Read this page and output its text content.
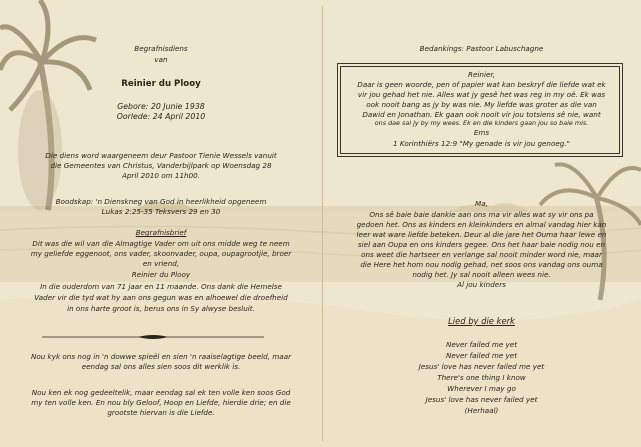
Begrafnisdiens
van
Reinier du Plooy
Gebore: 20 Junie 1938
Oorlede: 24 April 2010
Die diens word waargeneem deur Pastoor Tienie Wessels vanuit
die Gemeentes van Christus, Vanderbijlpark op Woensdag 28
April 2010 om 11h00.
Boodskap: 'n Dienskneg van God in heerlikheid opgeneem
Lukas 2:25-35 Teksvers 29 en 30
Begrafnisbrief
Dit was die wil van die Almagtige Vader om uit ons midde weg te neem
my geliefde eggenoot, ons vader, skoonvader, oupa, oupagrootjie, broer
en vriend,
Reinier du Plooy
In die ouderdom van 71 jaar en 11 maande. Ons dank die Hemelse
Vader vir die tyd wat hy aan ons gegun was en alhoewel die droefheid
in ons harte groot is, berus ons in Sy alwyse besluit.
Nou kyk ons nog in 'n dowwe spieël en sien 'n raaiselagtige beeld, maar
eendag sal ons alles sien soos dit werklik is.
Nou ken ek nog gedeeltelik, maar eendag sal ek ten volle ken soos God
my ten volle ken. En nou bly Geloof, Hoop en Liefde, hierdie drie; en die
grootste hiervan is die Liefde.
Bedankings: Pastoor Labuschagne
Reinier,
Daar is geen woorde, pen of papier wat kan beskryf die liefde wat ek
vir jou gehad het nie. Alles wat jy gesê het was reg in my oë. Ek was
ook nooit bang as jy by was nie. My liefde was groter as die van
Dawid en Jonathan. Ek gaan ook nooit vir jou totsiens sê nie, want
ons dae sal jy by my wees. Ek en die kinders gaan jou so baie mis.
Ems
1 Korinthiërs 12:9 "My genade is vir jou genoeg."
Ma,
Ons sê baie baie dankie aan ons ma vir alles wat sy vir ons pa
gedoen het. Ons as kinders en kleinkinders en almal vandag hier kan
leer wat ware liefde beteken. Deur al die jare het Ouma haar lewe en
siel aan Oupa en ons kinders gegee. Ons het haar baie nodig nou en
ons weet die hartseer en verlange sal nooit minder word nie, maar
die Here het hom nou nodig gehad, net soos ons vandag ons ouma
nodig het. Jy sal nooit alleen wees nie.
Al jou kinders
Lied by die kerk
Never failed me yet
Never failed me yet
Jesus' love has never failed me yet
There's one thing I know
Wherever I may go
Jesus' love has never failed yet
(Herhaal)
